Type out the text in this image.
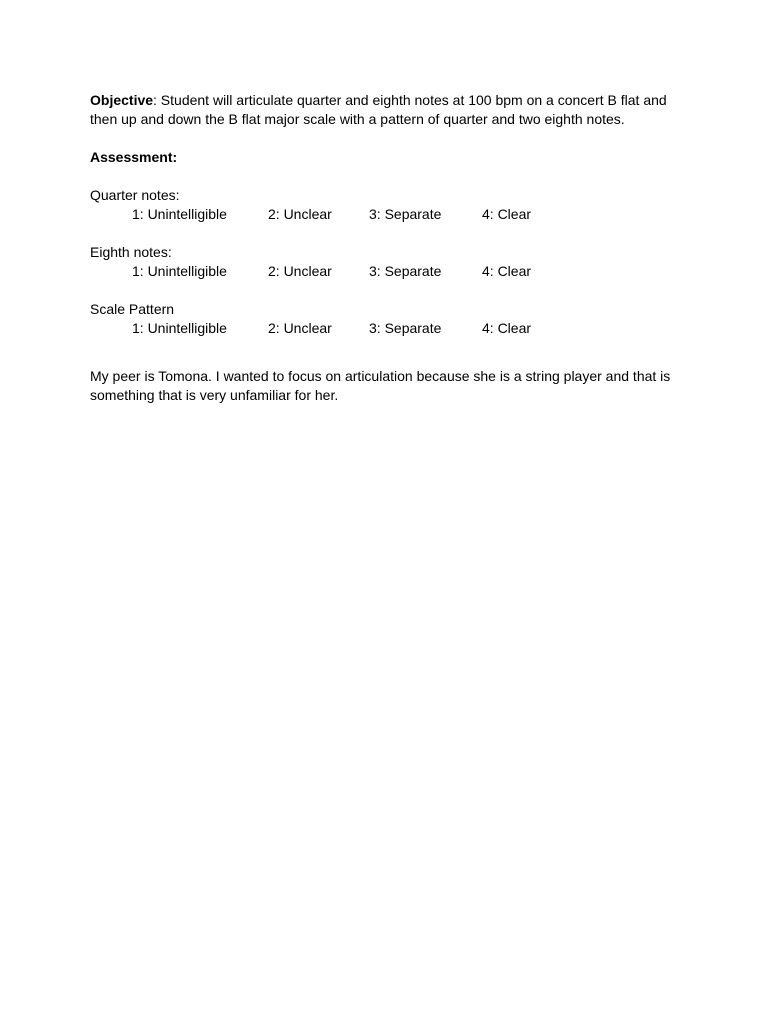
Objective: Student will articulate quarter and eighth notes at 100 bpm on a concert B flat and then up and down the B flat major scale with a pattern of quarter and two eighth notes.

Assessment:
Quarter notes:
1: Unintelligible	2: Unclear	3: Separate	4: Clear
Eighth notes:
1: Unintelligible	2: Unclear	3: Separate	4: Clear
Scale Pattern
1: Unintelligible	2: Unclear	3: Separate	4: Clear

My peer is Tomona. I wanted to focus on articulation because she is a string player and that is something that is very unfamiliar for her.
